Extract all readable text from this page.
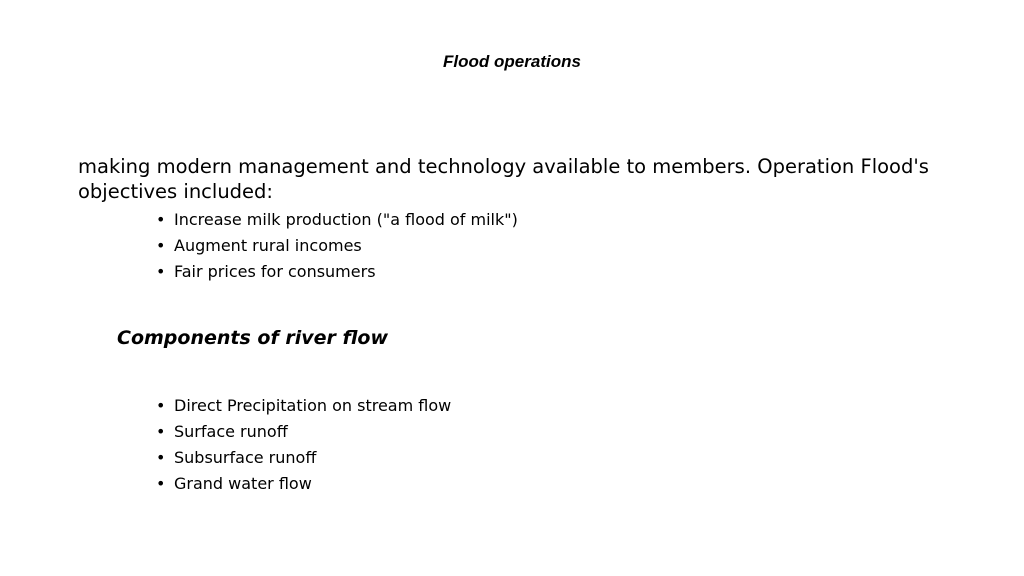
Flood operations
making modern management and technology available to members. Operation Flood's objectives included:
• Increase milk production ("a flood of milk")
• Augment rural incomes
• Fair prices for consumers
Components of river flow
• Direct Precipitation on stream flow
• Surface runoff
• Subsurface runoff
• Grand water flow
